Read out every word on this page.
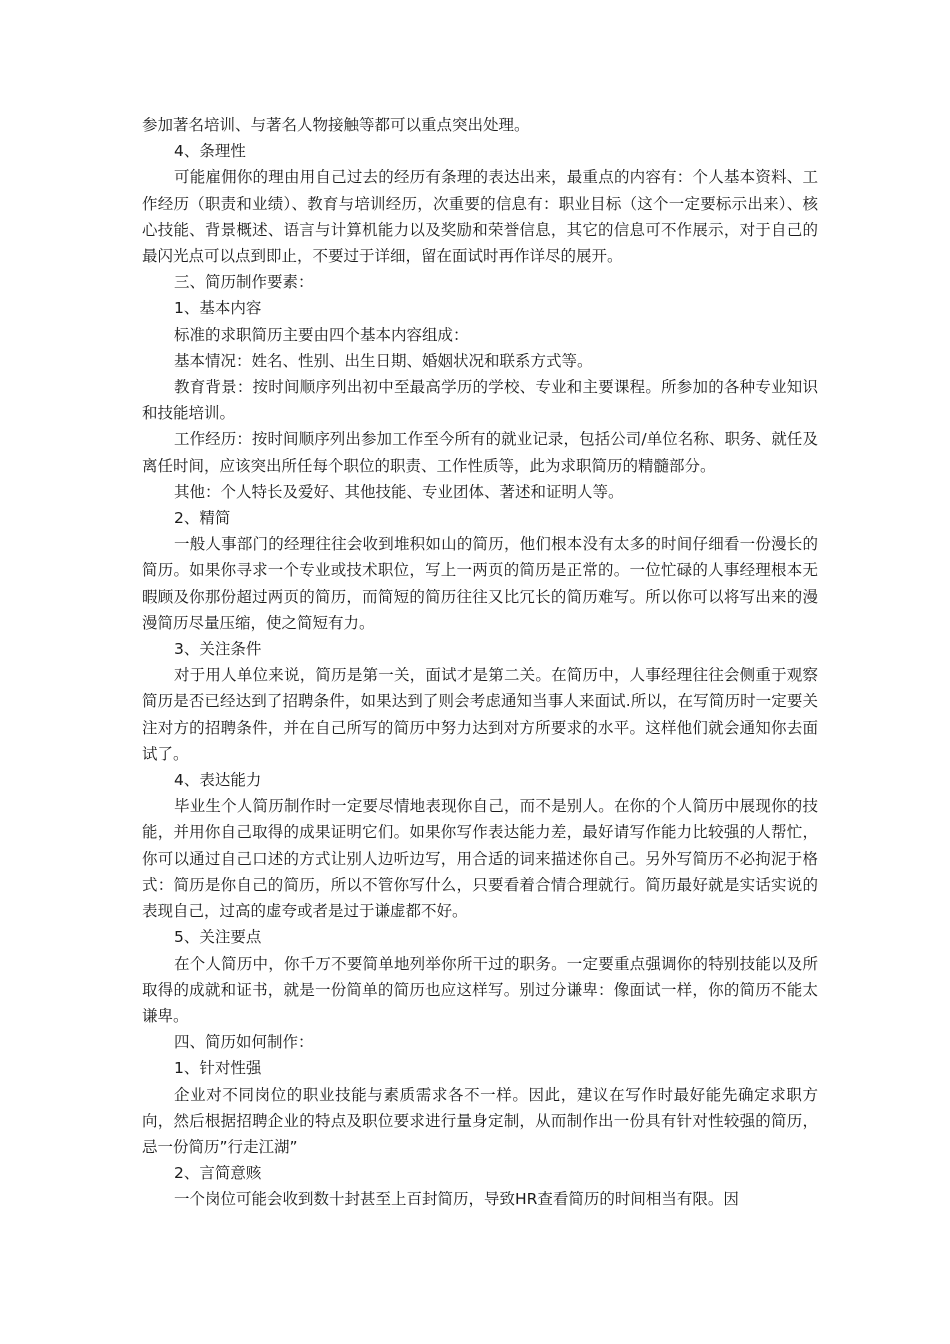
参加著名培训、与著名人物接触等都可以重点突出处理。

4、条理性

可能雇佣你的理由用自己过去的经历有条理的表达出来，最重点的内容有：个人基本资料、工作经历（职责和业绩）、教育与培训经历，次重要的信息有：职业目标（这个一定要标示出来）、核心技能、背景概述、语言与计算机能力以及奖励和荣誉信息，其它的信息可不作展示，对于自己的最闪光点可以点到即止，不要过于详细，留在面试时再作详尽的展开。

三、简历制作要素：

1、基本内容

标准的求职简历主要由四个基本内容组成：

基本情况：姓名、性别、出生日期、婚姻状况和联系方式等。

教育背景：按时间顺序列出初中至最高学历的学校、专业和主要课程。所参加的各种专业知识和技能培训。

工作经历：按时间顺序列出参加工作至今所有的就业记录，包括公司/单位名称、职务、就任及离任时间，应该突出所任每个职位的职责、工作性质等，此为求职简历的精髓部分。

其他：个人特长及爱好、其他技能、专业团体、著述和证明人等。

2、精简

一般人事部门的经理往往会收到堆积如山的简历，他们根本没有太多的时间仔细看一份漫长的简历。如果你寻求一个专业或技术职位，写上一两页的简历是正常的。一位忙碌的人事经理根本无暇顾及你那份超过两页的简历，而简短的简历往往又比冗长的简历难写。所以你可以将写出来的漫漫简历尽量压缩，使之简短有力。

3、关注条件

对于用人单位来说，简历是第一关，面试才是第二关。在简历中，人事经理往往会侧重于观察简历是否已经达到了招聘条件，如果达到了则会考虑通知当事人来面试.所以，在写简历时一定要关注对方的招聘条件，并在自己所写的简历中努力达到对方所要求的水平。这样他们就会通知你去面试了。

4、表达能力

毕业生个人简历制作时一定要尽情地表现你自己，而不是别人。在你的个人简历中展现你的技能，并用你自己取得的成果证明它们。如果你写作表达能力差，最好请写作能力比较强的人帮忙，你可以通过自己口述的方式让别人边听边写，用合适的词来描述你自己。另外写简历不必拘泥于格式：简历是你自己的简历，所以不管你写什么，只要看着合情合理就行。简历最好就是实话实说的表现自己，过高的虚夸或者是过于谦虚都不好。

5、关注要点

在个人简历中，你千万不要简单地列举你所干过的职务。一定要重点强调你的特别技能以及所取得的成就和证书，就是一份简单的简历也应这样写。别过分谦卑：像面试一样，你的简历不能太谦卑。

四、简历如何制作：

1、针对性强

企业对不同岗位的职业技能与素质需求各不一样。因此，建议在写作时最好能先确定求职方向，然后根据招聘企业的特点及职位要求进行量身定制，从而制作出一份具有针对性较强的简历，忌一份简历”行走江湖”

2、言简意赅

一个岗位可能会收到数十封甚至上百封简历，导致HR查看简历的时间相当有限。因
